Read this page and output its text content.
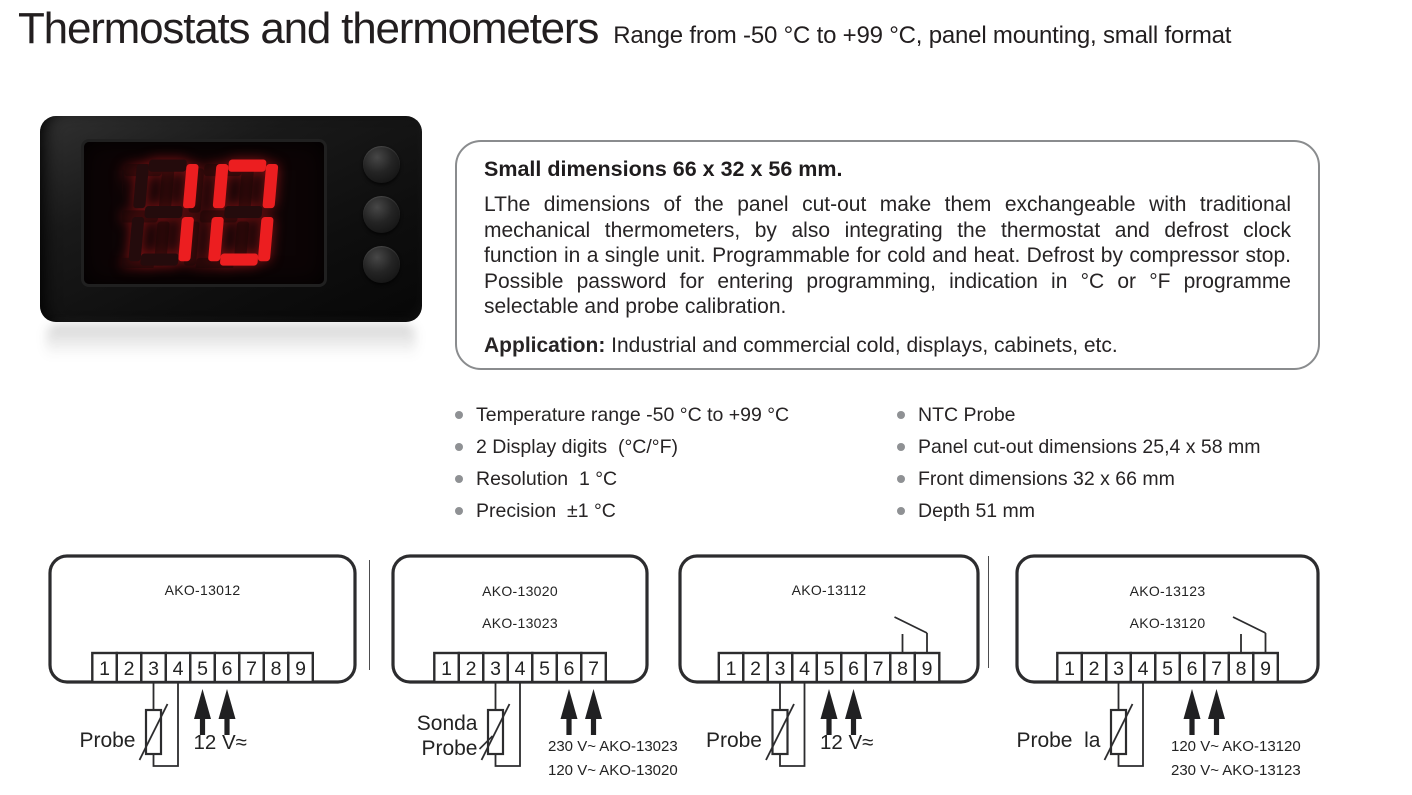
Thermostats and thermometers Range from -50 °C to +99 °C, panel mounting, small format
Small dimensions 66 x 32 x 56 mm.

LThe dimensions of the panel cut-out make them exchangeable with traditional mechanical thermometers, by also integrating the thermostat and defrost clock function in a single unit. Programmable for cold and heat. Defrost by compressor stop. Possible password for entering programming, indication in °C or °F programme selectable and probe calibration.

Application: Industrial and commercial cold, displays, cabinets, etc.

Temperature range -50 °C to +99 °C
2 Display digits  (°C/°F)
Resolution  1 °C
Precision  ±1 °C
NTC Probe
Panel cut-out dimensions 25,4 x 58 mm
Front dimensions 32 x 66 mm
Depth 51 mm
AKO-13012
1 2 3 4 5 6 7 8 9
Probe	12 V≈
AKO-13020
AKO-13023
1 2 3 4 5 6 7
Sonda
Probe	230 V~ AKO-13023
120 V~ AKO-13020
AKO-13112
1 2 3 4 5 6 7 8 9
Probe	12 V≈
AKO-13123
AKO-13120
1 2 3 4 5 6 7 8 9
Probe  la	120 V~ AKO-13120
230 V~ AKO-13123
